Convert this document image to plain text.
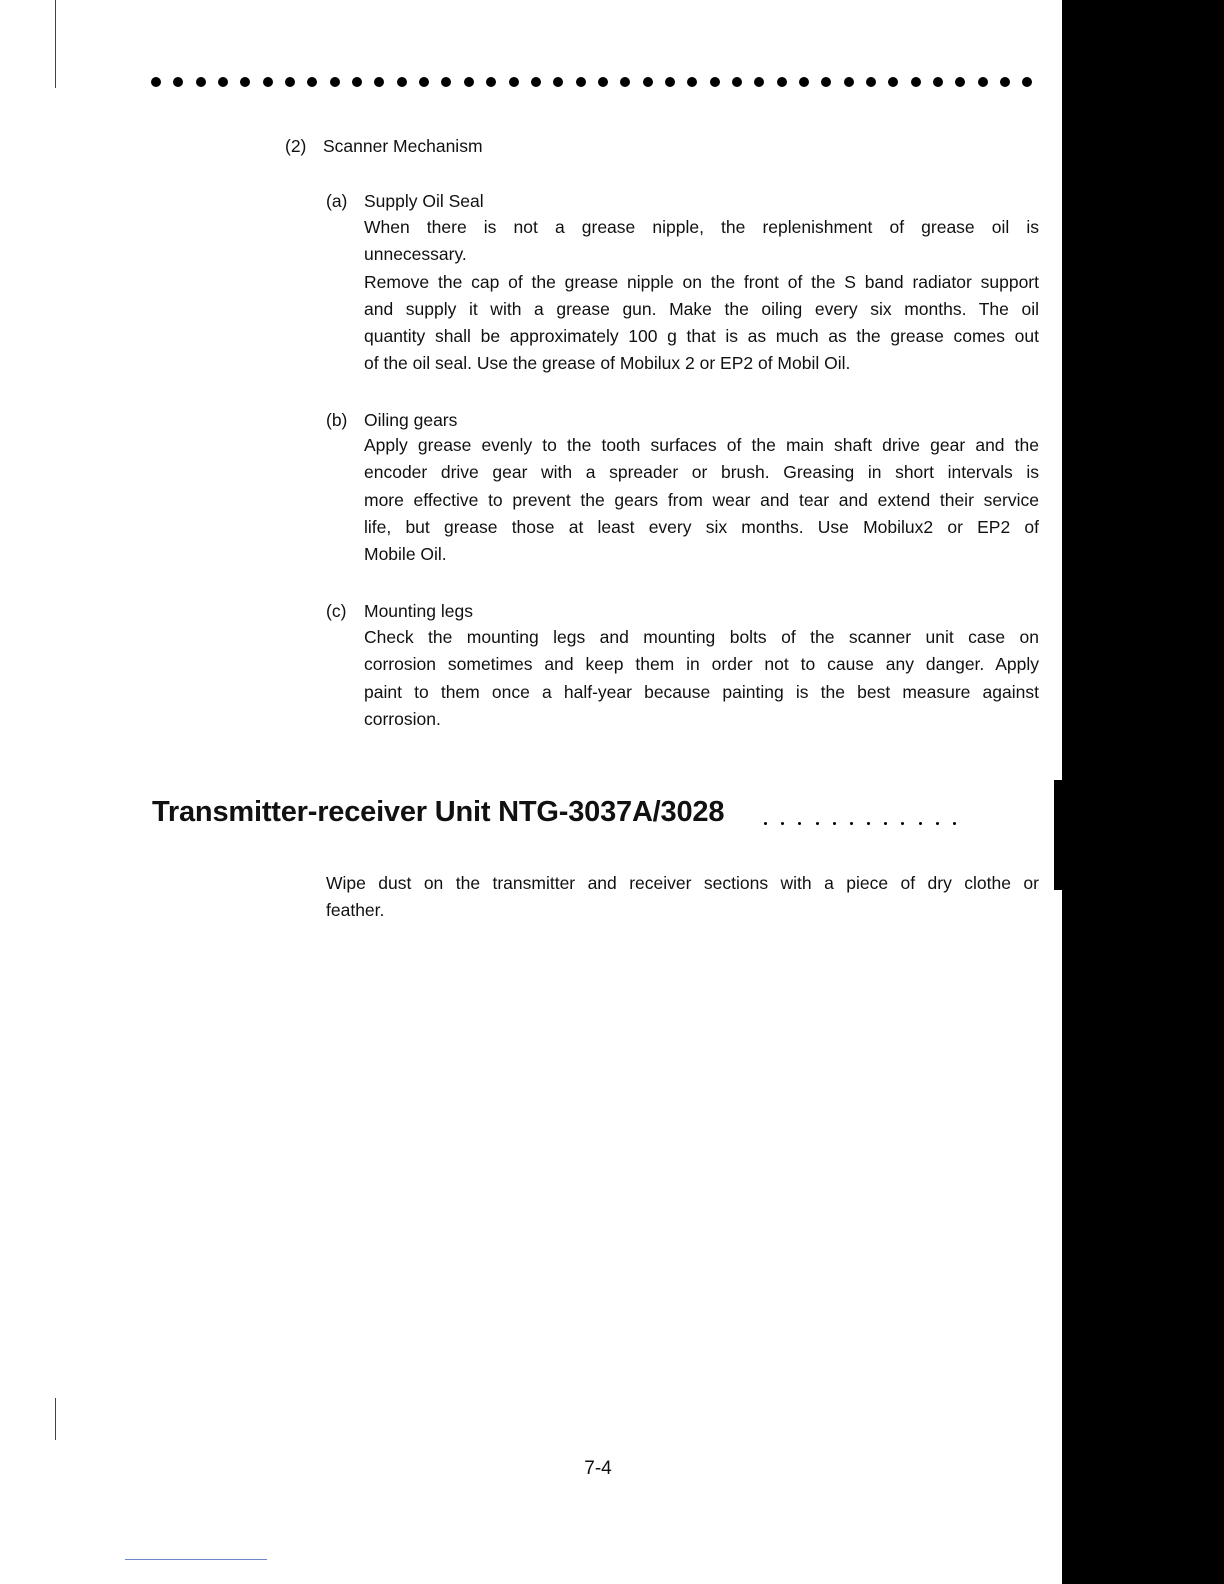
(2) Scanner Mechanism
(a) Supply Oil Seal
When there is not a grease nipple, the replenishment of grease oil is
unnecessary.
Remove the cap of the grease nipple on the front of the S band radiator support
and supply it with a grease gun. Make the oiling every six months. The oil
quantity shall be approximately 100 g that is as much as the grease comes out
of the oil seal. Use the grease of Mobilux 2 or EP2 of Mobil Oil.
(b) Oiling gears
Apply grease evenly to the tooth surfaces of the main shaft drive gear and the
encoder drive gear with a spreader or brush. Greasing in short intervals is
more effective to prevent the gears from wear and tear and extend their service
life, but grease those at least every six months. Use Mobilux2 or EP2 of
Mobile Oil.
(c) Mounting legs
Check the mounting legs and mounting bolts of the scanner unit case on
corrosion sometimes and keep them in order not to cause any danger. Apply
paint to them once a half-year because painting is the best measure against
corrosion.
Transmitter-receiver Unit NTG-3037A/3028
Wipe dust on the transmitter and receiver sections with a piece of dry clothe or
feather.
7-4
